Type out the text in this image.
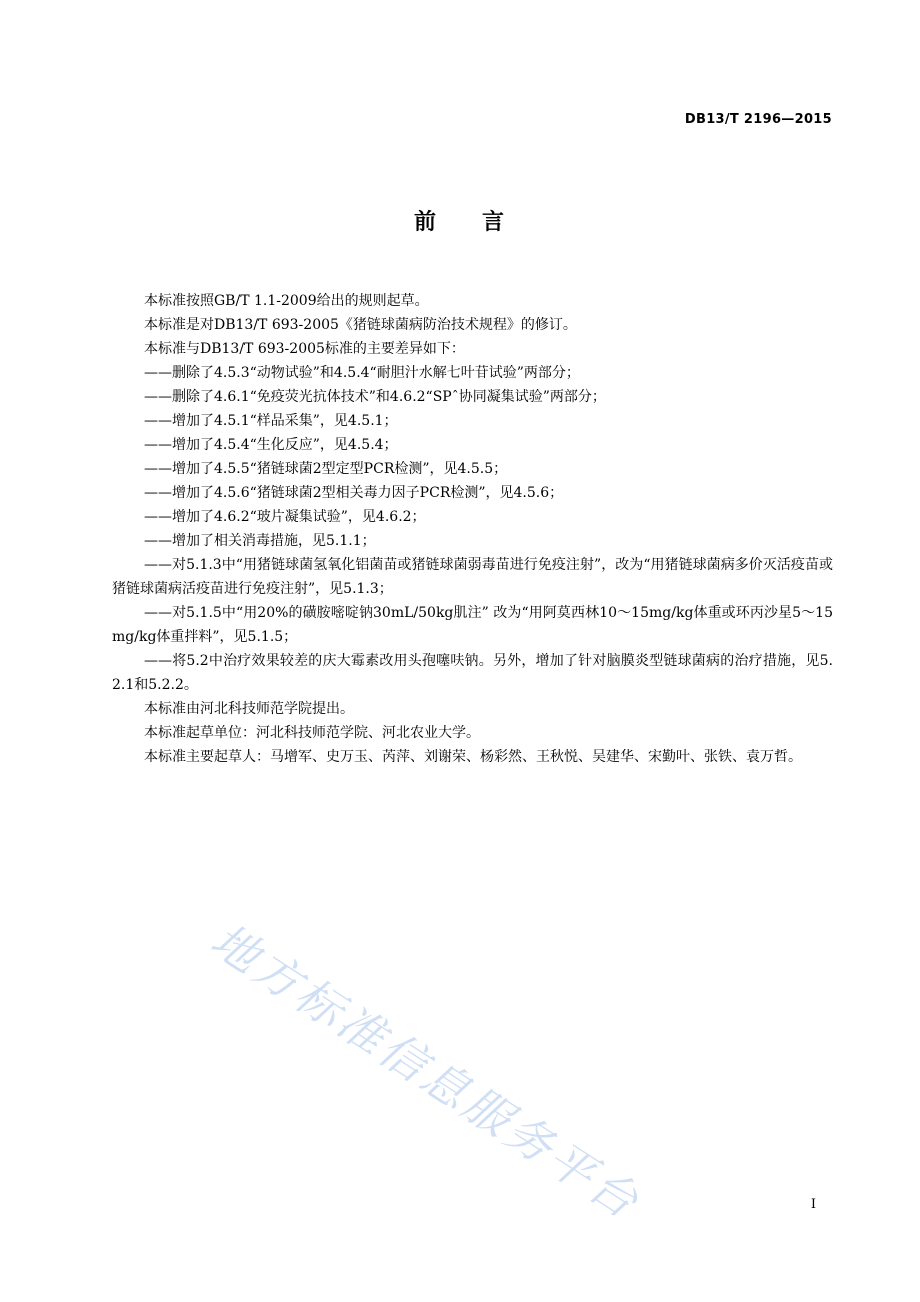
DB13/T 2196—2015
前 言

本标准按照GB/T 1.1-2009给出的规则起草。

本标准是对DB13/T 693-2005《猪链球菌病防治技术规程》的修订。

本标准与DB13/T 693-2005标准的主要差异如下：

——删除了4.5.3“动物试验”和4.5.4“耐胆汁水解七叶苷试验”两部分；

——删除了4.6.1“免疫荧光抗体技术”和4.6.2“SPˆ协同凝集试验”两部分；

——增加了4.5.1“样品采集”，见4.5.1；

——增加了4.5.4“生化反应”，见4.5.4；

——增加了4.5.5“猪链球菌2型定型PCR检测”，见4.5.5；

——增加了4.5.6“猪链球菌2型相关毒力因子PCR检测”，见4.5.6；

——增加了4.6.2“玻片凝集试验”，见4.6.2；

——增加了相关消毒措施，见5.1.1；

——对5.1.3中“用猪链球菌氢氧化铝菌苗或猪链球菌弱毒苗进行免疫注射”，改为“用猪链球菌病多价灭活疫苗或猪链球菌病活疫苗进行免疫注射”，见5.1.3；

——对5.1.5中“用20%的磺胺嘧啶钠30mL/50kg肌注” 改为“用阿莫西林10～15mg/kg体重或环丙沙星5～15mg/kg体重拌料”，见5.1.5；

——将5.2中治疗效果较差的庆大霉素改用头孢噻呋钠。另外，增加了针对脑膜炎型链球菌病的治疗措施，见5.2.1和5.2.2。

本标准由河北科技师范学院提出。

本标准起草单位：河北科技师范学院、河北农业大学。

本标准主要起草人：马增军、史万玉、芮萍、刘谢荣、杨彩然、王秋悦、吴建华、宋勤叶、张铁、袁万哲。

地方标准信息服务平台	I
